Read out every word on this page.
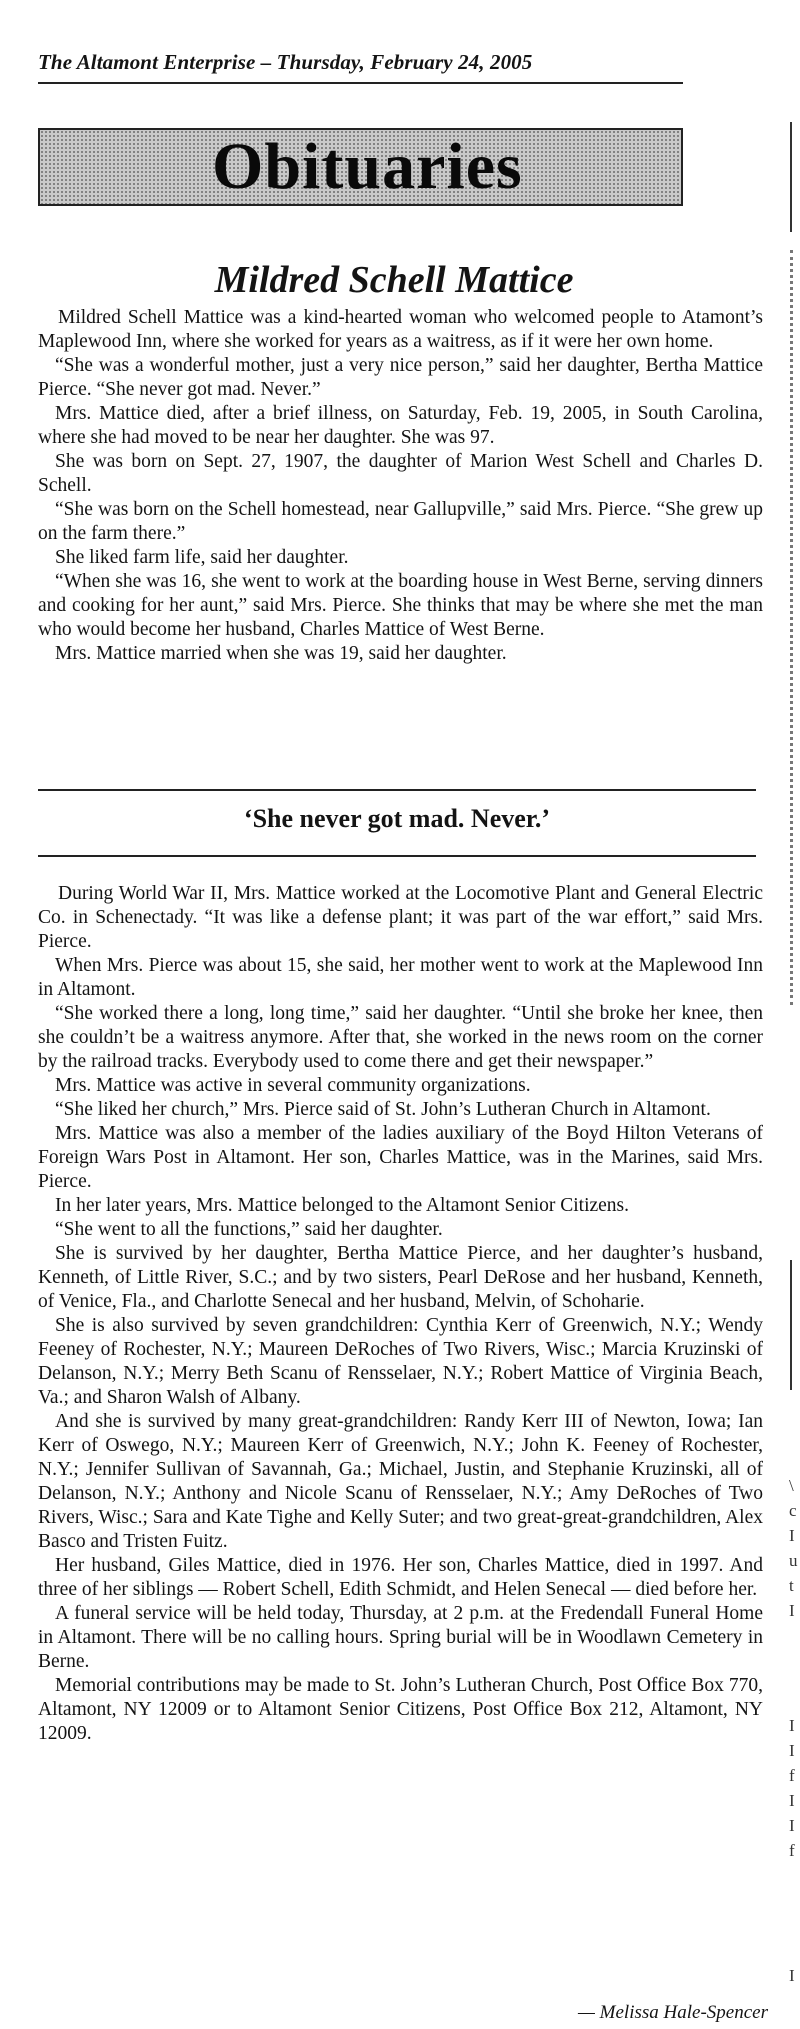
The Altamont Enterprise – Thursday, February 24, 2005
Obituaries
Mildred Schell Mattice

Mildred Schell Mattice was a kind-hearted woman who welcomed people to Atamont’s Maplewood Inn, where she worked for years as a waitress, as if it were her own home.

“She was a wonderful mother, just a very nice person,” said her daughter, Bertha Mattice Pierce. “She never got mad. Never.”

Mrs. Mattice died, after a brief illness, on Saturday, Feb. 19, 2005, in South Carolina, where she had moved to be near her daughter. She was 97.

She was born on Sept. 27, 1907, the daughter of Marion West Schell and Charles D. Schell.

“She was born on the Schell homestead, near Gallupville,” said Mrs. Pierce. “She grew up on the farm there.”

She liked farm life, said her daughter.

“When she was 16, she went to work at the boarding house in West Berne, serving dinners and cooking for her aunt,” said Mrs. Pierce. She thinks that may be where she met the man who would become her husband, Charles Mattice of West Berne.

Mrs. Mattice married when she was 19, said her daughter.

‘She never got mad. Never.’

During World War II, Mrs. Mattice worked at the Locomotive Plant and General Electric Co. in Schenectady. “It was like a defense plant; it was part of the war effort,” said Mrs. Pierce.

When Mrs. Pierce was about 15, she said, her mother went to work at the Maplewood Inn in Altamont.

“She worked there a long, long time,” said her daughter. “Until she broke her knee, then she couldn’t be a waitress anymore. After that, she worked in the news room on the corner by the railroad tracks. Everybody used to come there and get their newspaper.”

Mrs. Mattice was active in several community organizations.

“She liked her church,” Mrs. Pierce said of St. John’s Lutheran Church in Altamont.

Mrs. Mattice was also a member of the ladies auxiliary of the Boyd Hilton Veterans of Foreign Wars Post in Altamont. Her son, Charles Mattice, was in the Marines, said Mrs. Pierce.

In her later years, Mrs. Mattice belonged to the Altamont Senior Citizens.

“She went to all the functions,” said her daughter.

She is survived by her daughter, Bertha Mattice Pierce, and her daughter’s husband, Kenneth, of Little River, S.C.; and by two sisters, Pearl DeRose and her husband, Kenneth, of Venice, Fla., and Charlotte Senecal and her husband, Melvin, of Schoharie.

She is also survived by seven grandchildren: Cynthia Kerr of Greenwich, N.Y.; Wendy Feeney of Rochester, N.Y.; Maureen DeRoches of Two Rivers, Wisc.; Marcia Kruzinski of Delanson, N.Y.; Merry Beth Scanu of Rensselaer, N.Y.; Robert Mattice of Virginia Beach, Va.; and Sharon Walsh of Albany.

And she is survived by many great-grandchildren: Randy Kerr III of Newton, Iowa; Ian Kerr of Oswego, N.Y.; Maureen Kerr of Greenwich, N.Y.; John K. Feeney of Rochester, N.Y.; Jennifer Sullivan of Savannah, Ga.; Michael, Justin, and Stephanie Kruzinski, all of Delanson, N.Y.; Anthony and Nicole Scanu of Rensselaer, N.Y.; Amy DeRoches of Two Rivers, Wisc.; Sara and Kate Tighe and Kelly Suter; and two great-great-grandchildren, Alex Basco and Tristen Fuitz.

Her husband, Giles Mattice, died in 1976. Her son, Charles Mattice, died in 1997. And three of her siblings — Robert Schell, Edith Schmidt, and Helen Senecal — died before her.

A funeral service will be held today, Thursday, at 2 p.m. at the Fredendall Funeral Home in Altamont. There will be no calling hours. Spring burial will be in Woodlawn Cemetery in Berne.

Memorial contributions may be made to St. John’s Lutheran Church, Post Office Box 770, Altamont, NY 12009 or to Altamont Senior Citizens, Post Office Box 212, Altamont, NY 12009.

— Melissa Hale-Spencer
\
c
I
u
t
I
I
I
f
I
I
f
I
